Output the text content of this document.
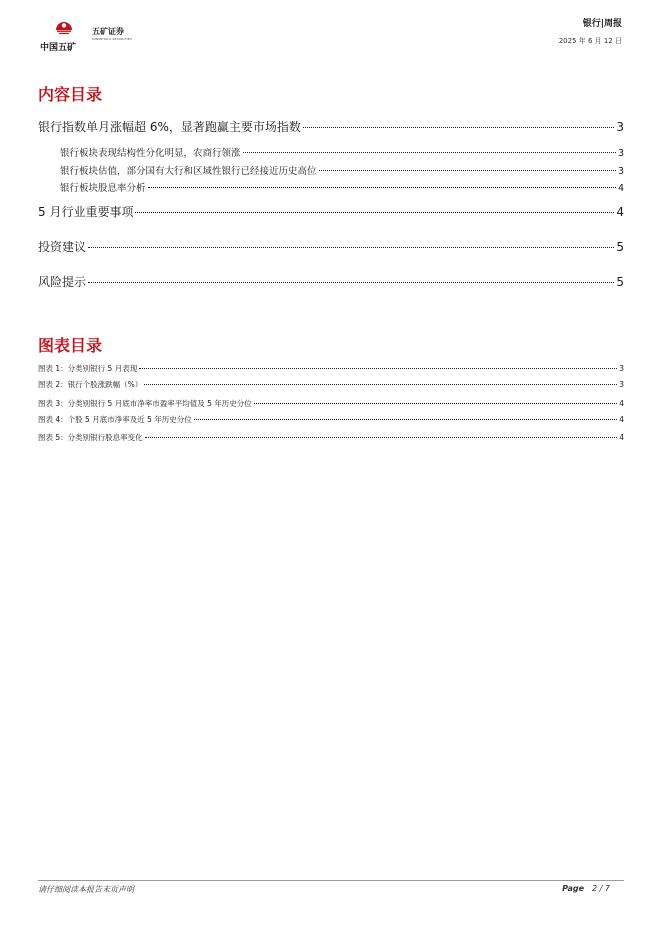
中国五矿
五矿证券
MINMETALS SECURITIES
银行|周报
2025 年 6 月 12 日
内容目录
银行指数单月涨幅超 6%，显著跑赢主要市场指数	3
银行板块表现结构性分化明显，农商行领涨	3
银行板块估值，部分国有大行和区域性银行已经接近历史高位	3
银行板块股息率分析	4
5 月行业重要事项	4
投资建议	5
风险提示	5
图表目录
图表 1：分类别银行 5 月表现	3
图表 2：银行个股涨跌幅（%）	3
图表 3：分类别银行 5 月底市净率市盈率平均值及 5 年历史分位	4
图表 4：个股 5 月底市净率及近 5 年历史分位	4
图表 5：分类别银行股息率变化	4
请仔细阅读本报告末页声明	Page 2 / 7
